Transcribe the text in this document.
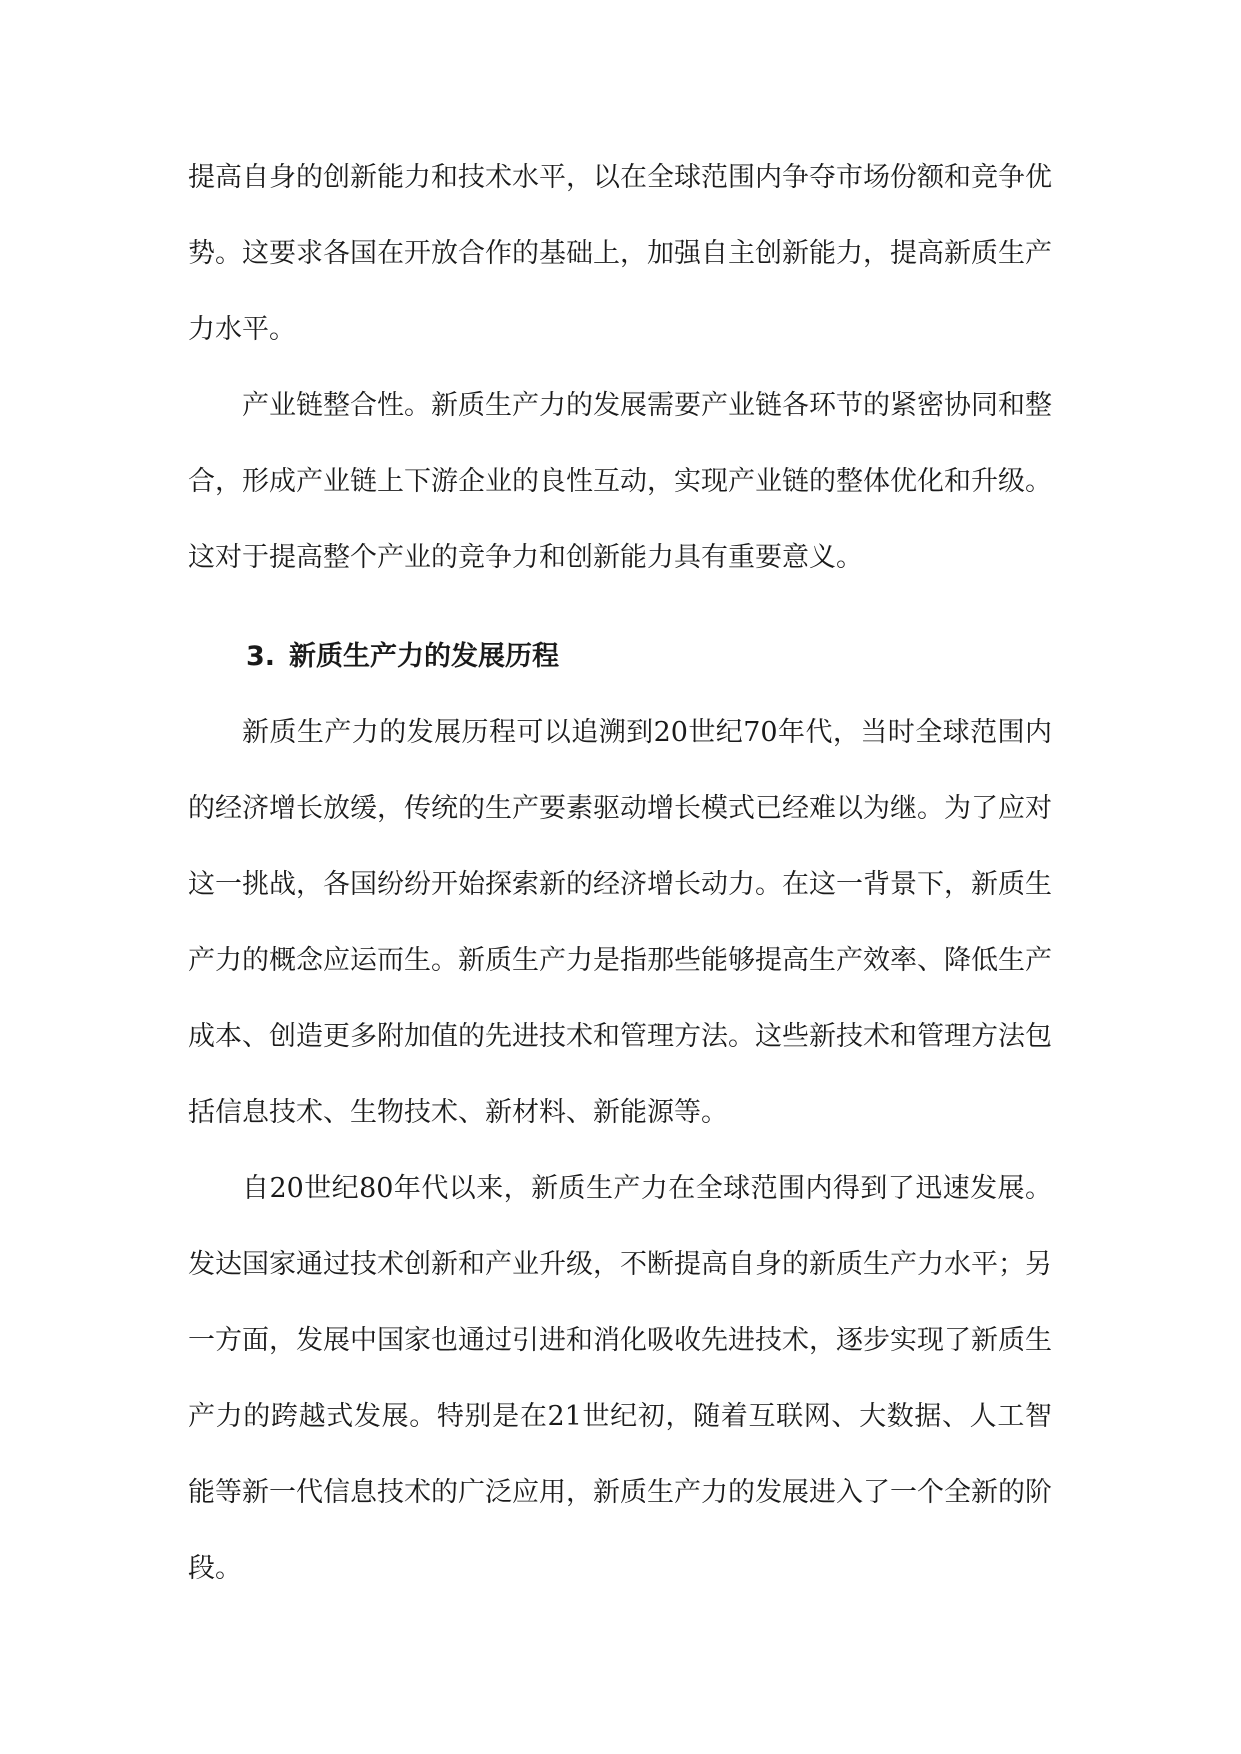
提高自身的创新能力和技术水平，以在全球范围内争夺市场份额和竞争优势。这要求各国在开放合作的基础上，加强自主创新能力，提高新质生产力水平。

产业链整合性。新质生产力的发展需要产业链各环节的紧密协同和整合，形成产业链上下游企业的良性互动，实现产业链的整体优化和升级。这对于提高整个产业的竞争力和创新能力具有重要意义。

3. 新质生产力的发展历程

新质生产力的发展历程可以追溯到20世纪70年代，当时全球范围内的经济增长放缓，传统的生产要素驱动增长模式已经难以为继。为了应对这一挑战，各国纷纷开始探索新的经济增长动力。在这一背景下，新质生产力的概念应运而生。新质生产力是指那些能够提高生产效率、降低生产成本、创造更多附加值的先进技术和管理方法。这些新技术和管理方法包括信息技术、生物技术、新材料、新能源等。

自20世纪80年代以来，新质生产力在全球范围内得到了迅速发展。发达国家通过技术创新和产业升级，不断提高自身的新质生产力水平；另一方面，发展中国家也通过引进和消化吸收先进技术，逐步实现了新质生产力的跨越式发展。特别是在21世纪初，随着互联网、大数据、人工智能等新一代信息技术的广泛应用，新质生产力的发展进入了一个全新的阶段。
